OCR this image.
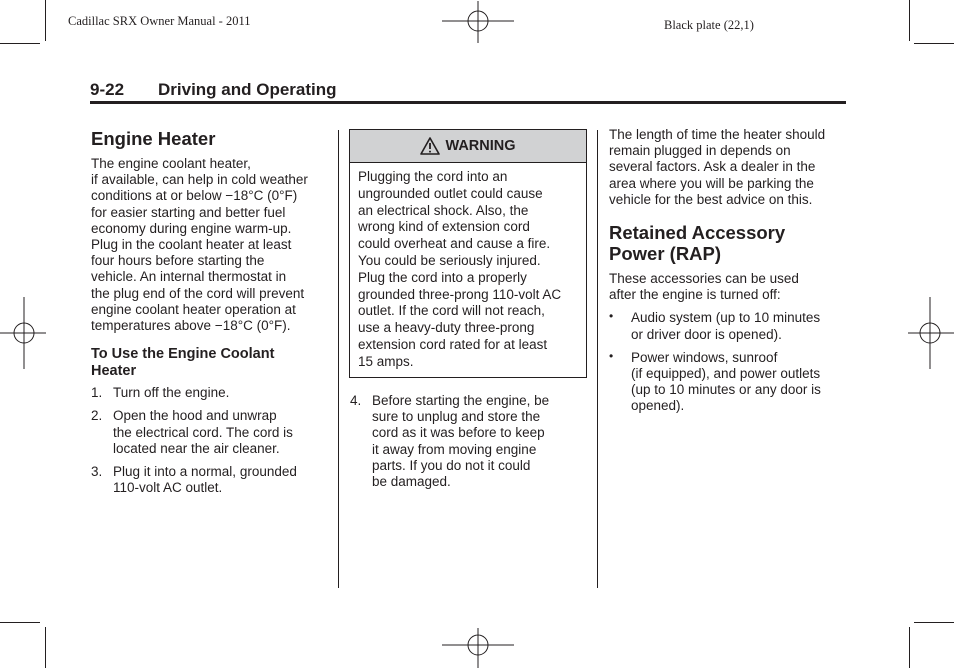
Cadillac SRX Owner Manual - 2011	Black plate (22,1)
9-22 Driving and Operating
Engine Heater

The engine coolant heater,
if available, can help in cold weather
conditions at or below −18°C (0°F)
for easier starting and better fuel
economy during engine warm-up.
Plug in the coolant heater at least
four hours before starting the
vehicle. An internal thermostat in
the plug end of the cord will prevent
engine coolant heater operation at
temperatures above −18°C (0°F).

To Use the Engine Coolant
Heater
1. Turn off the engine.
2. Open the hood and unwrap
the electrical cord. The cord is
located near the air cleaner.
3. Plug it into a normal, grounded
110-volt AC outlet.
WARNING
Plugging the cord into an
ungrounded outlet could cause
an electrical shock. Also, the
wrong kind of extension cord
could overheat and cause a fire.
You could be seriously injured.
Plug the cord into a properly
grounded three-prong 110-volt AC
outlet. If the cord will not reach,
use a heavy-duty three-prong
extension cord rated for at least
15 amps.
4. Before starting the engine, be
sure to unplug and store the
cord as it was before to keep
it away from moving engine
parts. If you do not it could
be damaged.

The length of time the heater should
remain plugged in depends on
several factors. Ask a dealer in the
area where you will be parking the
vehicle for the best advice on this.

Retained Accessory
Power (RAP)

These accessories can be used
after the engine is turned off:

• Audio system (up to 10 minutes
or driver door is opened).
• Power windows, sunroof
(if equipped), and power outlets
(up to 10 minutes or any door is
opened).
